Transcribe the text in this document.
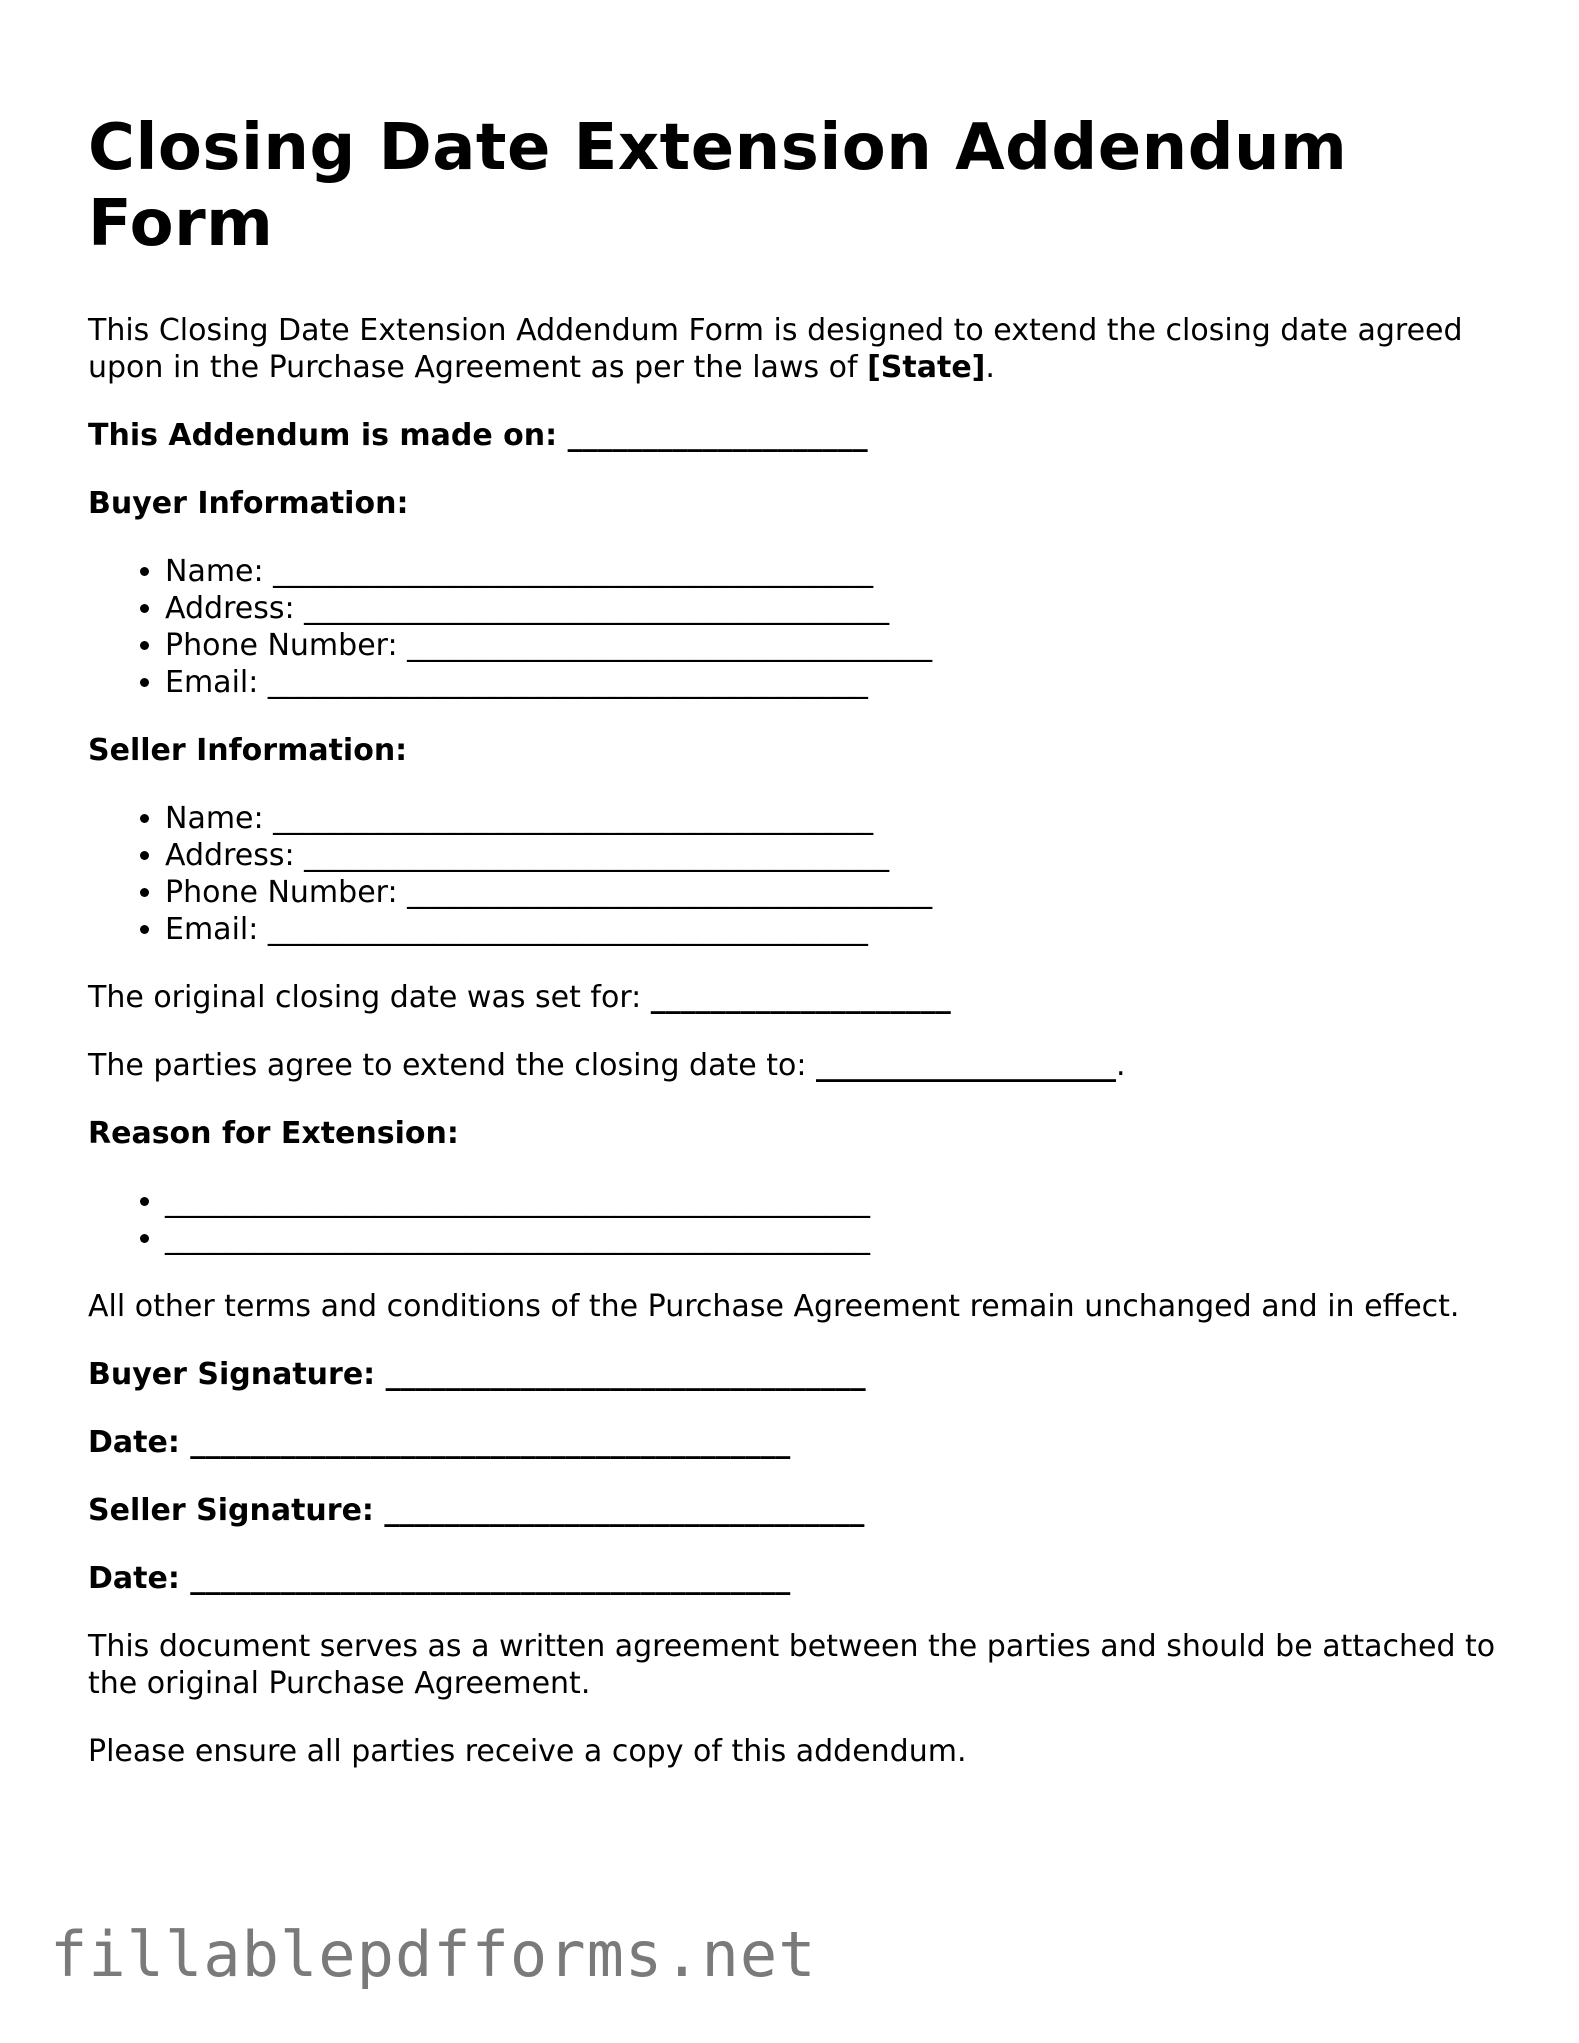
Closing Date Extension Addendum Form

This Closing Date Extension Addendum Form is designed to extend the closing date agreed upon in the Purchase Agreement as per the laws of [State].

This Addendum is made on: ____________________

Buyer Information:

• Name: ________________________________________
• Address: _______________________________________
• Phone Number: ___________________________________
• Email: ________________________________________

Seller Information:

• Name: ________________________________________
• Address: _______________________________________
• Phone Number: ___________________________________
• Email: ________________________________________

The original closing date was set for: ____________________

The parties agree to extend the closing date to: ____________________.

Reason for Extension:

• _______________________________________________
• _______________________________________________

All other terms and conditions of the Purchase Agreement remain unchanged and in effect.

Buyer Signature: ________________________________

Date: ________________________________________

Seller Signature: ________________________________

Date: ________________________________________

This document serves as a written agreement between the parties and should be attached to the original Purchase Agreement.

Please ensure all parties receive a copy of this addendum.

fillablepdfforms.net
